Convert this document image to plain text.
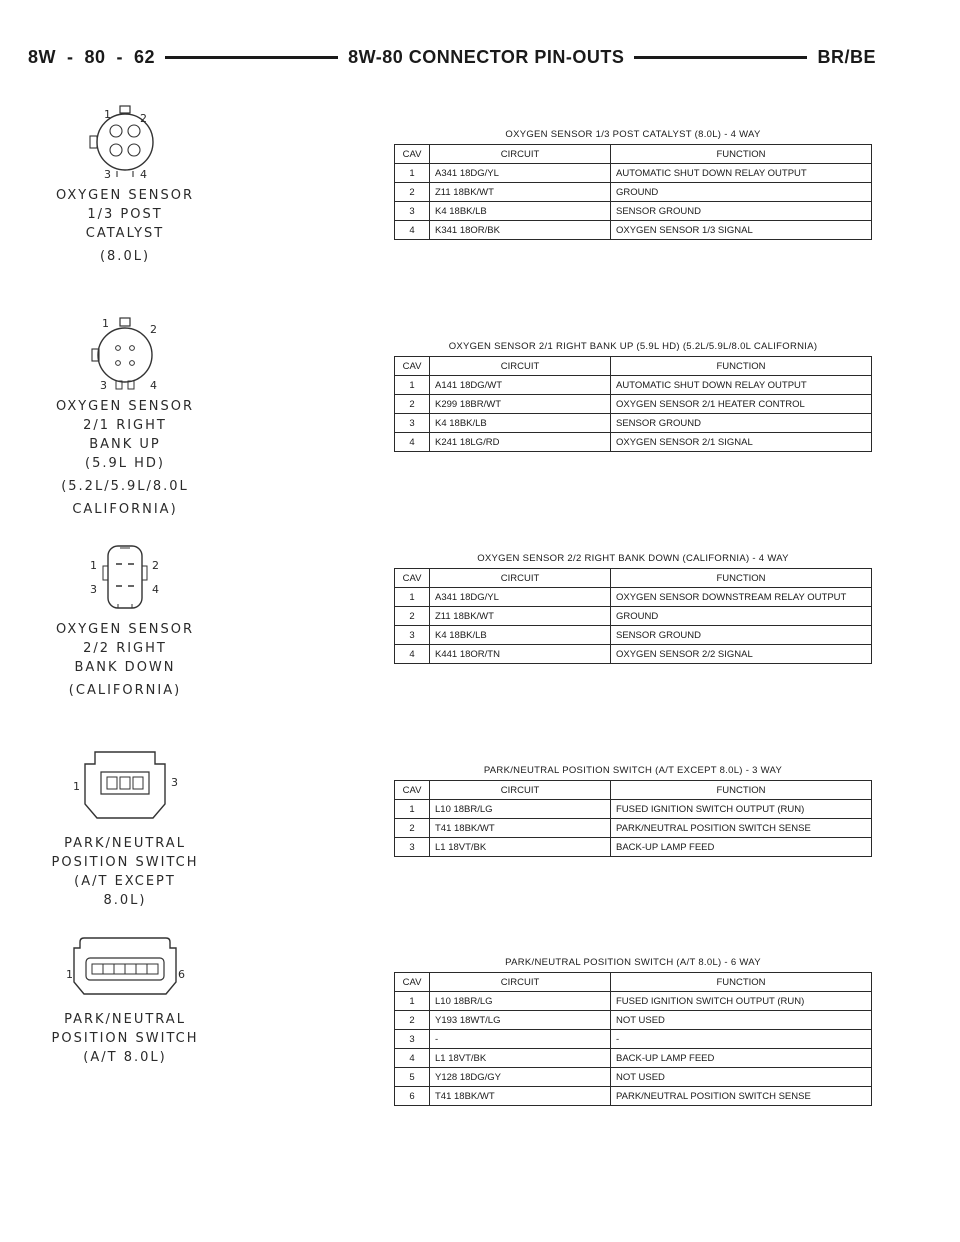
8W  -  80  -  62	8W-80 CONNECTOR PIN-OUTS	BR/BE
1 2
3 4
OXYGEN SENSOR
1/3 POST
CATALYST
(8.0L)
1	2
3	4
OXYGEN SENSOR
2/1 RIGHT
BANK UP
(5.9L HD)
(5.2L/5.9L/8.0L
CALIFORNIA)
1	2
3	4
OXYGEN SENSOR
2/2 RIGHT
BANK DOWN
(CALIFORNIA)
1	3
PARK/NEUTRAL
POSITION SWITCH
(A/T EXCEPT 8.0L)
1	6
PARK/NEUTRAL
POSITION SWITCH
(A/T 8.0L)
OXYGEN SENSOR 1/3 POST CATALYST (8.0L) - 4 WAY
CAV	CIRCUIT	FUNCTION
1	A341 18DG/YL	AUTOMATIC SHUT DOWN RELAY OUTPUT
2	Z11 18BK/WT	GROUND
3	K4 18BK/LB	SENSOR GROUND
4	K341 18OR/BK	OXYGEN SENSOR 1/3 SIGNAL
OXYGEN SENSOR 2/1 RIGHT BANK UP (5.9L HD) (5.2L/5.9L/8.0L CALIFORNIA)
CAV	CIRCUIT	FUNCTION
1	A141 18DG/WT	AUTOMATIC SHUT DOWN RELAY OUTPUT
2	K299 18BR/WT	OXYGEN SENSOR 2/1 HEATER CONTROL
3	K4 18BK/LB	SENSOR GROUND
4	K241 18LG/RD	OXYGEN SENSOR 2/1 SIGNAL
OXYGEN SENSOR 2/2 RIGHT BANK DOWN (CALIFORNIA) - 4 WAY
CAV	CIRCUIT	FUNCTION
1	A341 18DG/YL	OXYGEN SENSOR DOWNSTREAM RELAY OUTPUT
2	Z11 18BK/WT	GROUND
3	K4 18BK/LB	SENSOR GROUND
4	K441 18OR/TN	OXYGEN SENSOR 2/2 SIGNAL
PARK/NEUTRAL POSITION SWITCH (A/T EXCEPT 8.0L) - 3 WAY
CAV	CIRCUIT	FUNCTION
1	L10 18BR/LG	FUSED IGNITION SWITCH OUTPUT (RUN)
2	T41 18BK/WT	PARK/NEUTRAL POSITION SWITCH SENSE
3	L1 18VT/BK	BACK-UP LAMP FEED
PARK/NEUTRAL POSITION SWITCH (A/T 8.0L) - 6 WAY
CAV	CIRCUIT	FUNCTION
1	L10 18BR/LG	FUSED IGNITION SWITCH OUTPUT (RUN)
2	Y193 18WT/LG	NOT USED
3	-	-
4	L1 18VT/BK	BACK-UP LAMP FEED
5	Y128 18DG/GY	NOT USED
6	T41 18BK/WT	PARK/NEUTRAL POSITION SWITCH SENSE
